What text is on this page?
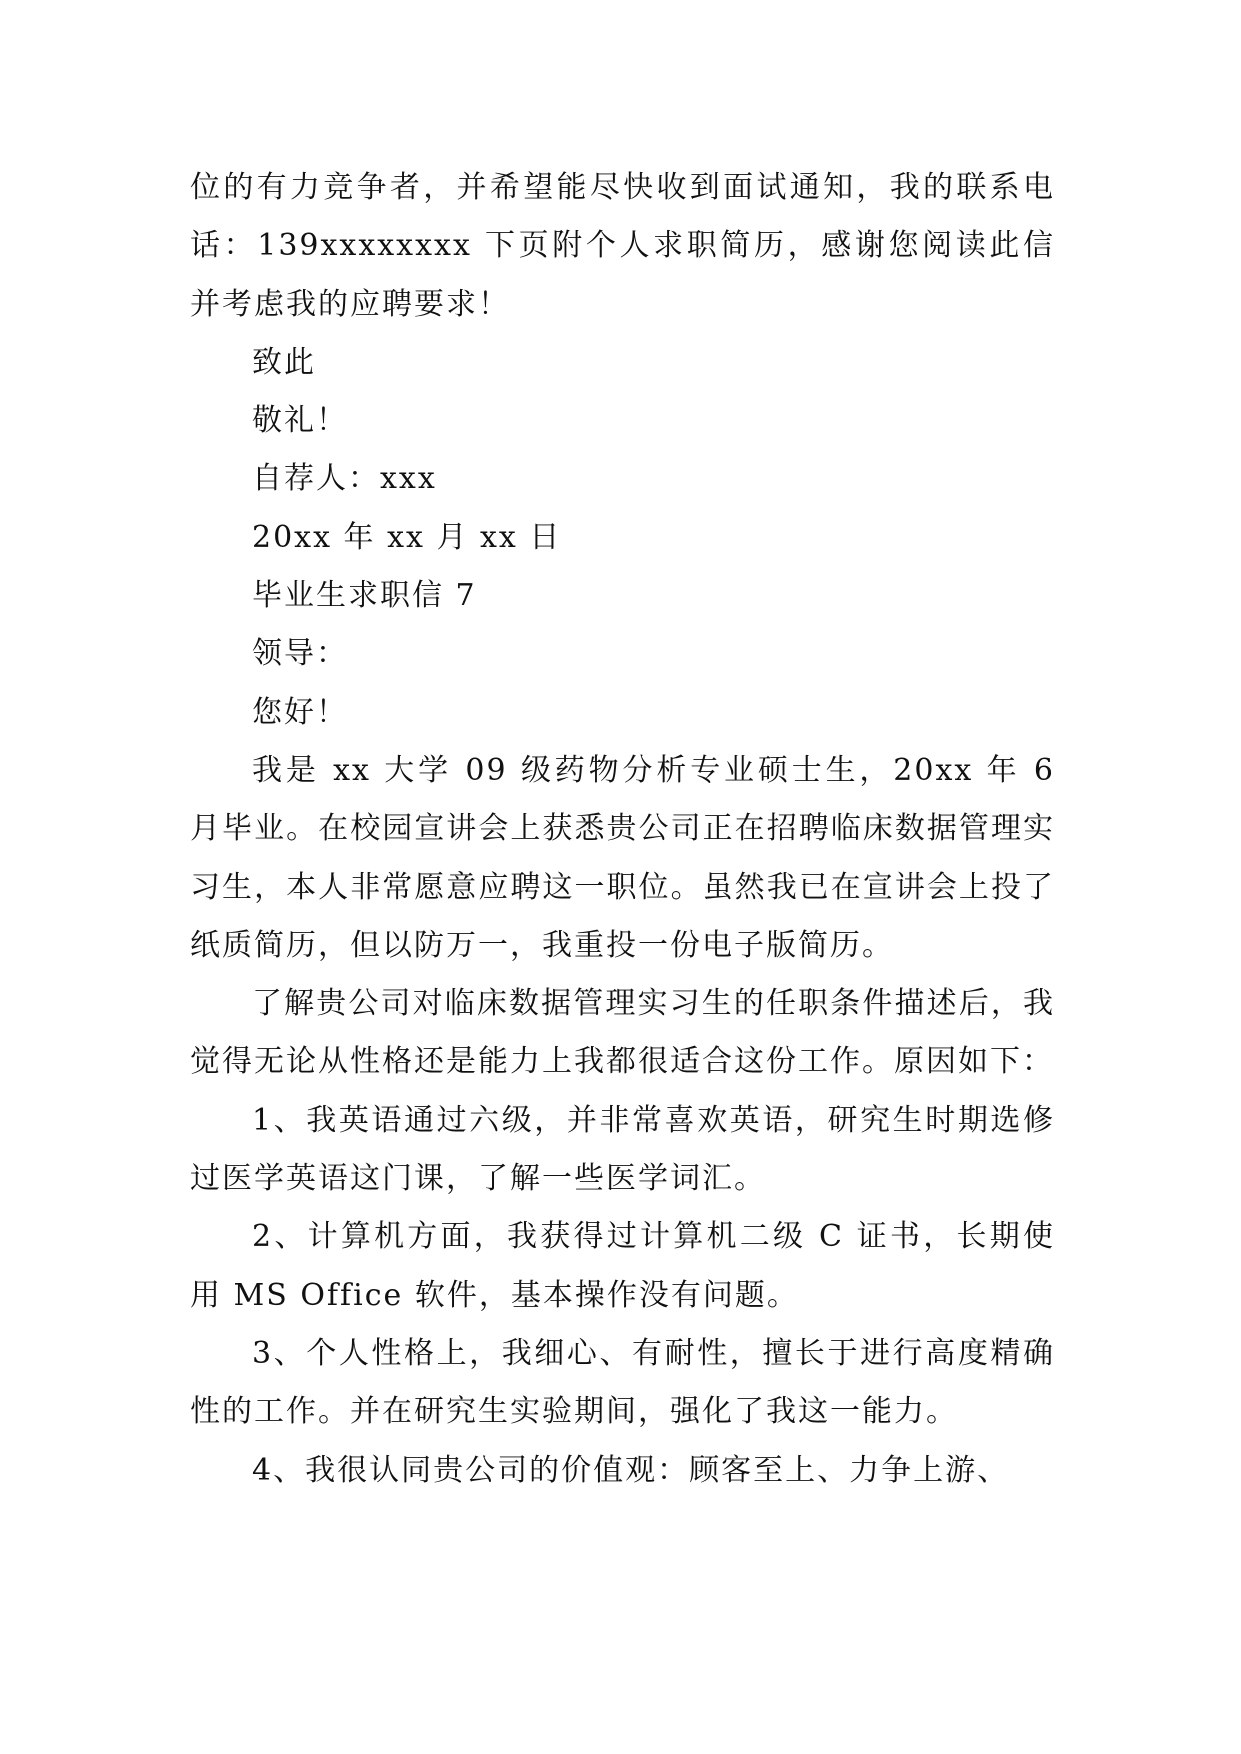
位的有力竞争者，并希望能尽快收到面试通知，我的联系电话：139xxxxxxxx 下页附个人求职简历，感谢您阅读此信并考虑我的应聘要求！

致此

敬礼！

自荐人：xxx

20xx 年 xx 月 xx 日

毕业生求职信 7

领导：

您好！

我是 xx 大学 09 级药物分析专业硕士生，20xx 年 6 月毕业。在校园宣讲会上获悉贵公司正在招聘临床数据管理实习生，本人非常愿意应聘这一职位。虽然我已在宣讲会上投了纸质简历，但以防万一，我重投一份电子版简历。

了解贵公司对临床数据管理实习生的任职条件描述后，我觉得无论从性格还是能力上我都很适合这份工作。原因如下：

1、我英语通过六级，并非常喜欢英语，研究生时期选修过医学英语这门课，了解一些医学词汇。

2、计算机方面，我获得过计算机二级 C 证书，长期使用 MS Office 软件，基本操作没有问题。

3、个人性格上，我细心、有耐性，擅长于进行高度精确性的工作。并在研究生实验期间，强化了我这一能力。

4、我很认同贵公司的价值观：顾客至上、力争上游、
